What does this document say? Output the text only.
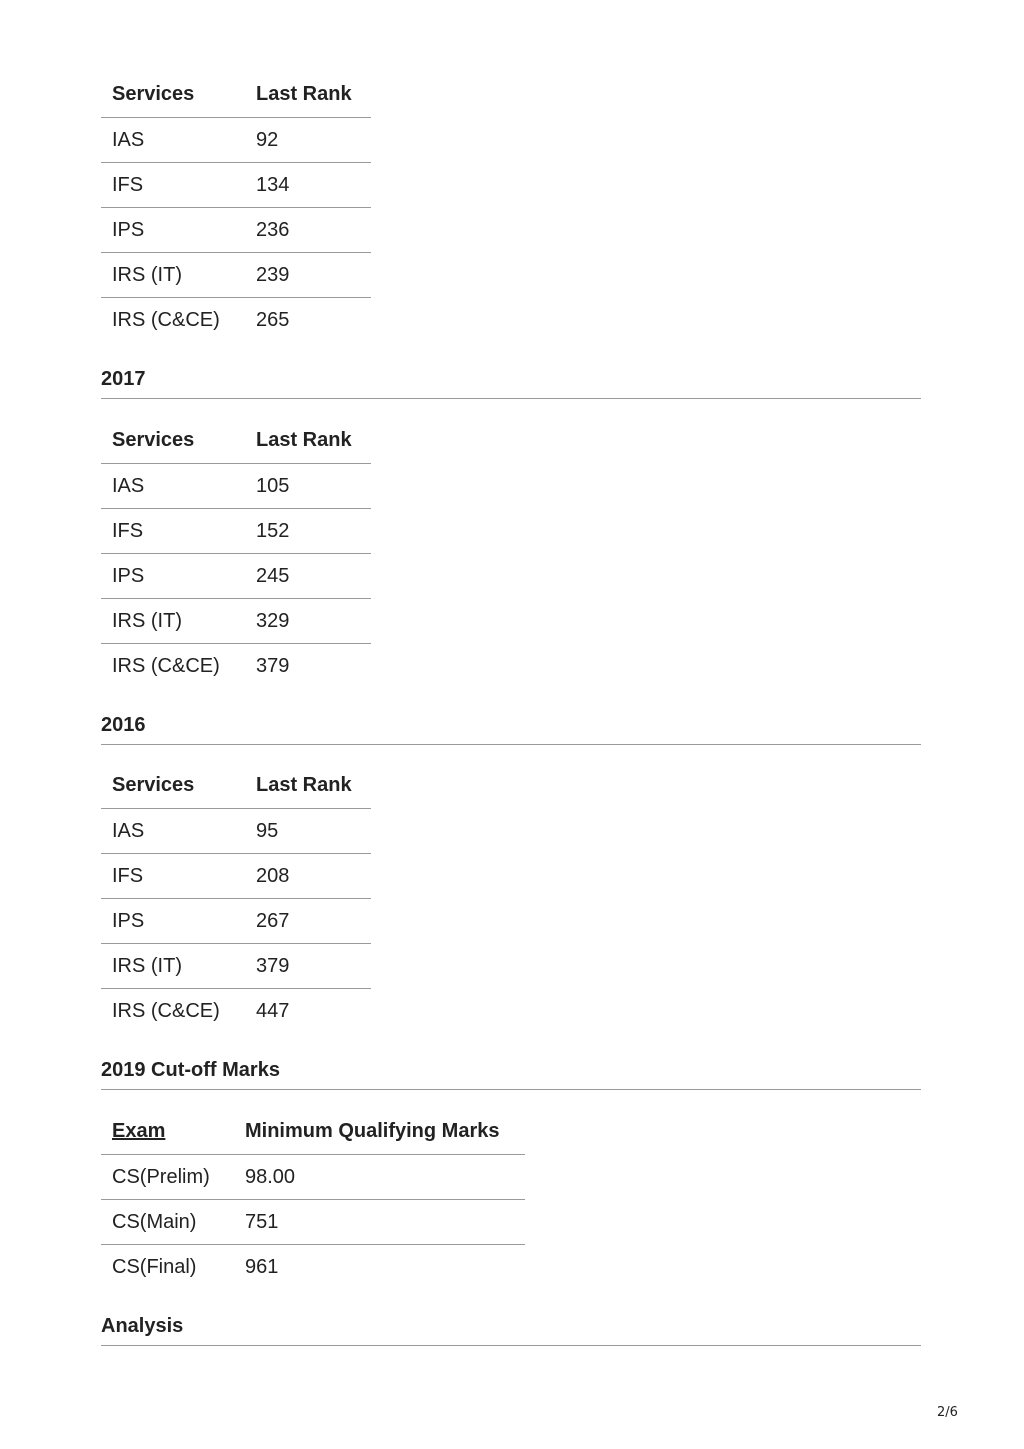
Services	Last Rank
IAS	92
IFS	134
IPS	236
IRS (IT)	239
IRS (C&CE)	265
2017
Services	Last Rank
IAS	105
IFS	152
IPS	245
IRS (IT)	329
IRS (C&CE)	379
2016
Services	Last Rank
IAS	95
IFS	208
IPS	267
IRS (IT)	379
IRS (C&CE)	447
2019 Cut-off Marks
Exam	Minimum Qualifying Marks
CS(Prelim)	98.00
CS(Main)	751
CS(Final)	961
Analysis
2/6
